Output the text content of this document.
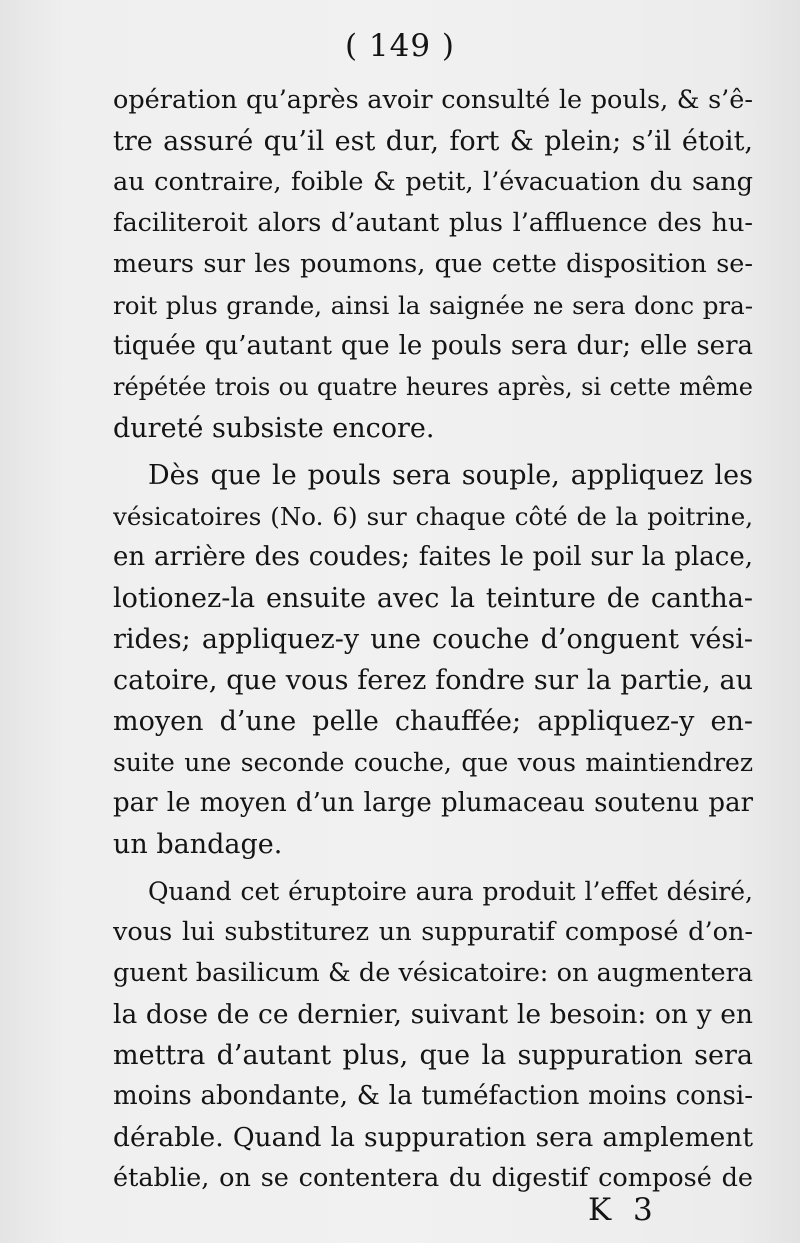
( 149 )
opération qu’après avoir consulté le pouls, & s’ê-
tre assuré qu’il est dur, fort & plein; s’il étoit,
au contraire, foible & petit, l’évacuation du sang
faciliteroit alors d’autant plus l’affluence des hu-
meurs sur les poumons, que cette disposition se-
roit plus grande, ainsi la saignée ne sera donc pra-
tiquée qu’autant que le pouls sera dur; elle sera
répétée trois ou quatre heures après, si cette même
dureté subsiste encore.
Dès que le pouls sera souple, appliquez les
vésicatoires (No. 6) sur chaque côté de la poitrine,
en arrière des coudes; faites le poil sur la place,
lotionez-la ensuite avec la teinture de cantha-
rides; appliquez-y une couche d’onguent vési-
catoire, que vous ferez fondre sur la partie, au
moyen d’une pelle chauffée; appliquez-y en-
suite une seconde couche, que vous maintiendrez
par le moyen d’un large plumaceau soutenu par
un bandage.
Quand cet éruptoire aura produit l’effet désiré,
vous lui substiturez un suppuratif composé d’on-
guent basilicum & de vésicatoire: on augmentera
la dose de ce dernier, suivant le besoin: on y en
mettra d’autant plus, que la suppuration sera
moins abondante, & la tuméfaction moins consi-
dérable. Quand la suppuration sera amplement
établie, on se contentera du digestif composé de
K 3
